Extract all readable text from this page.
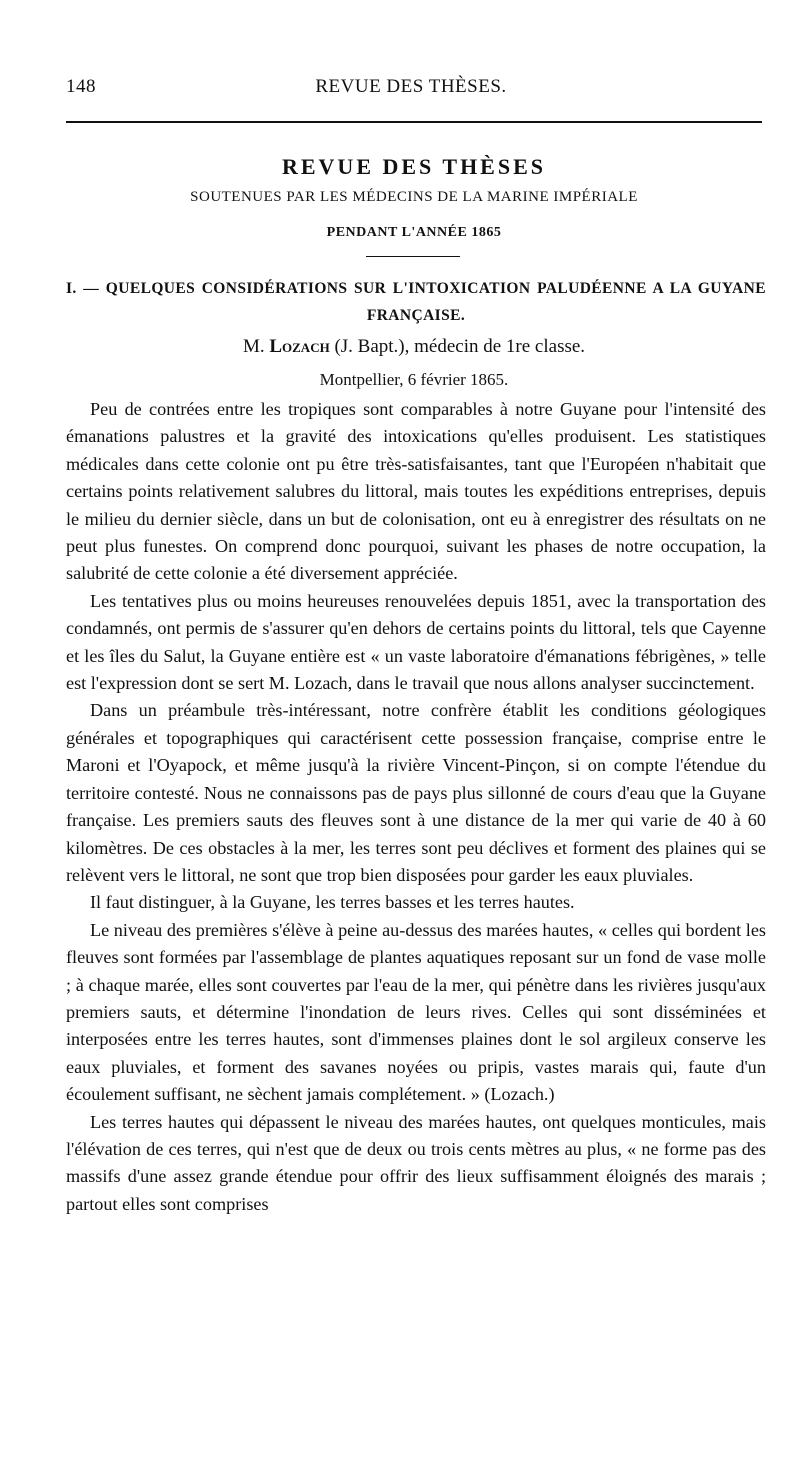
148	REVUE DES THÈSES.
REVUE DES THÈSES
SOUTENUES PAR LES MÉDECINS DE LA MARINE IMPÉRIALE
PENDANT L'ANNÉE 1865
I. — QUELQUES CONSIDÉRATIONS SUR L'INTOXICATION PALUDÉENNE A LA GUYANE FRANÇAISE.
M. Lozach (J. Bapt.), médecin de 1re classe.
Montpellier, 6 février 1865.

Peu de contrées entre les tropiques sont comparables à notre Guyane pour l'intensité des émanations palustres et la gravité des intoxications qu'elles produisent. Les statistiques médicales dans cette colonie ont pu être très-satisfaisantes, tant que l'Européen n'habitait que certains points relativement salubres du littoral, mais toutes les expéditions entreprises, depuis le milieu du dernier siècle, dans un but de colonisation, ont eu à enregistrer des résultats on ne peut plus funestes. On comprend donc pourquoi, suivant les phases de notre occupation, la salubrité de cette colonie a été diversement appréciée.

Les tentatives plus ou moins heureuses renouvelées depuis 1851, avec la transportation des condamnés, ont permis de s'assurer qu'en dehors de certains points du littoral, tels que Cayenne et les îles du Salut, la Guyane entière est « un vaste laboratoire d'émanations fébrigènes, » telle est l'expression dont se sert M. Lozach, dans le travail que nous allons analyser succinctement.

Dans un préambule très-intéressant, notre confrère établit les conditions géologiques générales et topographiques qui caractérisent cette possession française, comprise entre le Maroni et l'Oyapock, et même jusqu'à la rivière Vincent-Pinçon, si on compte l'étendue du territoire contesté. Nous ne connaissons pas de pays plus sillonné de cours d'eau que la Guyane française. Les premiers sauts des fleuves sont à une distance de la mer qui varie de 40 à 60 kilomètres. De ces obstacles à la mer, les terres sont peu déclives et forment des plaines qui se relèvent vers le littoral, ne sont que trop bien disposées pour garder les eaux pluviales.

Il faut distinguer, à la Guyane, les terres basses et les terres hautes.

Le niveau des premières s'élève à peine au-dessus des marées hautes, « celles qui bordent les fleuves sont formées par l'assemblage de plantes aquatiques reposant sur un fond de vase molle ; à chaque marée, elles sont couvertes par l'eau de la mer, qui pénètre dans les rivières jusqu'aux premiers sauts, et détermine l'inondation de leurs rives. Celles qui sont disséminées et interposées entre les terres hautes, sont d'immenses plaines dont le sol argileux conserve les eaux pluviales, et forment des savanes noyées ou pripis, vastes marais qui, faute d'un écoulement suffisant, ne sèchent jamais complétement. » (Lozach.)

Les terres hautes qui dépassent le niveau des marées hautes, ont quelques monticules, mais l'élévation de ces terres, qui n'est que de deux ou trois cents mètres au plus, « ne forme pas des massifs d'une assez grande étendue pour offrir des lieux suffisamment éloignés des marais ; partout elles sont comprises
